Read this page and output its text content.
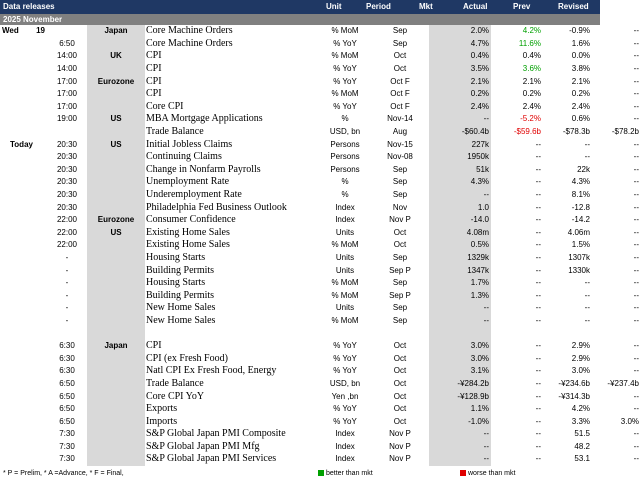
Data releases	Unit	Period	Mkt	Actual	Prev	Revised
2025 November
Wed	19		Japan	Core Machine Orders	% MoM	Sep	2.0%	4.2%	-0.9%	--
		6:50		Core Machine Orders	% YoY	Sep	4.7%	11.6%	1.6%	--
		14:00	UK	CPI	% MoM	Oct	0.4%	0.4%	0.0%	--
		14:00		CPI	% YoY	Oct	3.5%	3.6%	3.8%	--
		17:00	Eurozone	CPI	% YoY	Oct F	2.1%	2.1%	2.1%	--
		17:00		CPI	% MoM	Oct F	0.2%	0.2%	0.2%	--
		17:00		Core CPI	% YoY	Oct F	2.4%	2.4%	2.4%	--
		19:00	US	MBA Mortgage Applications	%	Nov-14	--	-5.2%	0.6%	--
				Trade Balance	USD, bn	Aug	-$60.4b	-$59.6b	-$78.3b	-$78.2b
Today		20:30	US	Initial Jobless Claims	Persons	Nov-15	227k	--	--	--
		20:30		Continuing Claims	Persons	Nov-08	1950k	--	--	--
		20:30		Change in Nonfarm Payrolls	Persons	Sep	51k	--	22k	--
		20:30		Unemployment Rate	%	Sep	4.3%	--	4.3%	--
		20:30		Underemployment Rate	%	Sep	--	--	8.1%	--
		20:30		Philadelphia Fed Business Outlook	Index	Nov	1.0	--	-12.8	--
		22:00	Eurozone	Consumer Confidence	Index	Nov P	-14.0	--	-14.2	--
		22:00	US	Existing Home Sales	Units	Oct	4.08m	--	4.06m	--
		22:00		Existing Home Sales	% MoM	Oct	0.5%	--	1.5%	--
		-		Housing Starts	Units	Sep	1329k	--	1307k	--
		-		Building Permits	Units	Sep P	1347k	--	1330k	--
		-		Housing Starts	% MoM	Sep	1.7%	--	--	--
		-		Building Permits	% MoM	Sep P	1.3%	--	--	--
		-		New Home Sales	Units	Sep	--	--	--	--
		-		New Home Sales	% MoM	Sep	--	--	--	--

		6:30	Japan	CPI	% YoY	Oct	3.0%	--	2.9%	--
		6:30		CPI (ex Fresh Food)	% YoY	Oct	3.0%	--	2.9%	--
		6:30		Natl CPI Ex Fresh Food, Energy	% YoY	Oct	3.1%	--	3.0%	--
		6:50		Trade Balance	USD, bn	Oct	-¥284.2b	--	-¥234.6b	-¥237.4b
		6:50		Core CPI YoY	Yen ,bn	Oct	-¥128.9b	--	-¥314.3b	--
		6:50		Exports	% YoY	Oct	1.1%	--	4.2%	--
		6:50		Imports	% YoY	Oct	-1.0%	--	3.3%	3.0%
		7:30		S&P Global Japan PMI Composite	Index	Nov P	--	--	51.5	--
		7:30		S&P Global Japan PMI Mfg	Index	Nov P	--	--	48.2	--
		7:30		S&P Global Japan PMI Services	Index	Nov P	--	--	53.1	--
* P = Prelim, * A =Advance, * F = Final,	better than mkt	worse than mkt
